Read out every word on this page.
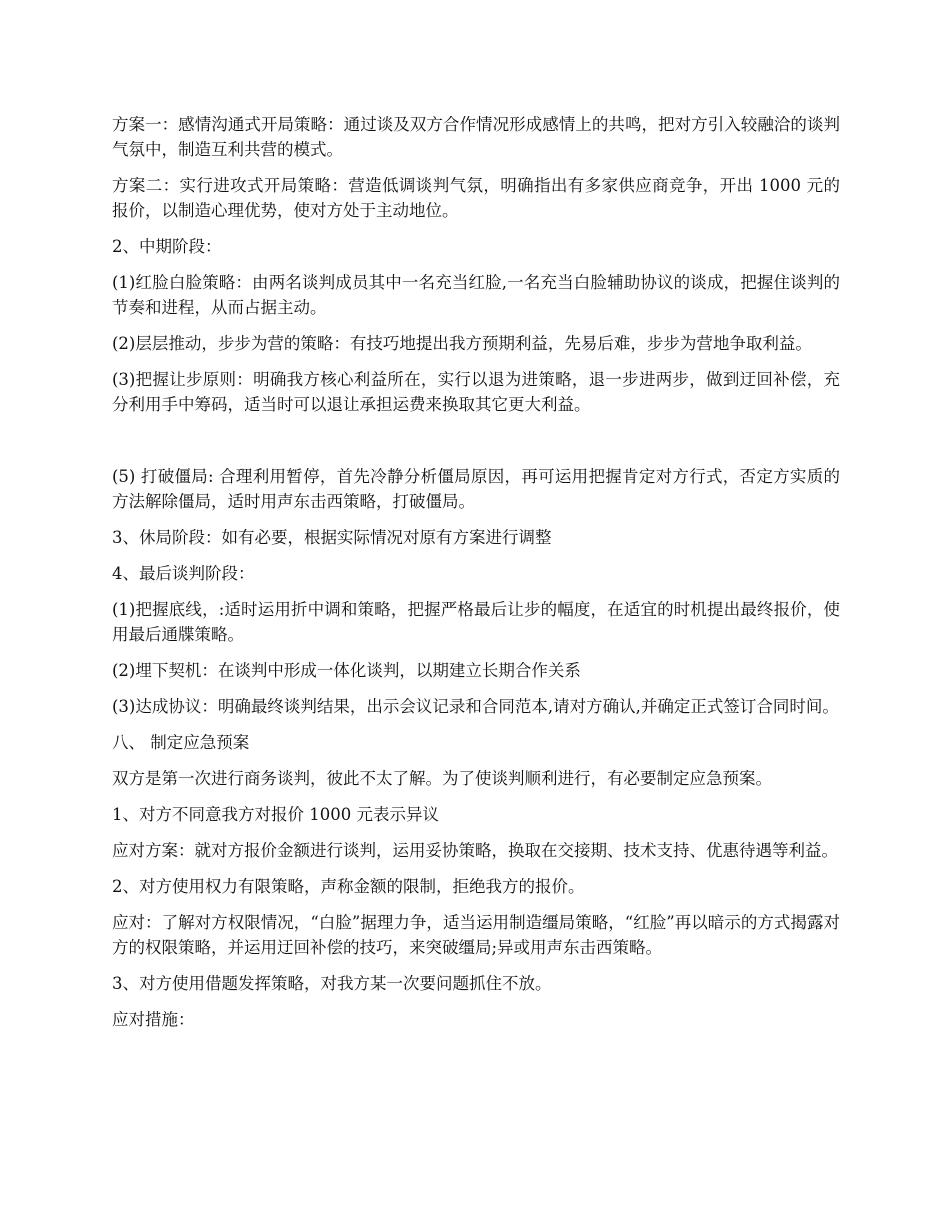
方案一：感情沟通式开局策略：通过谈及双方合作情况形成感情上的共鸣，把对方引入较融洽的谈判气氛中，制造互利共营的模式。

方案二：实行进攻式开局策略：营造低调谈判气氛，明确指出有多家供应商竞争，开出 1000 元的报价，以制造心理优势，使对方处于主动地位。

2、中期阶段：

(1)红脸白脸策略：由两名谈判成员其中一名充当红脸,一名充当白脸辅助协议的谈成，把握住谈判的节奏和进程，从而占据主动。

(2)层层推动，步步为营的策略：有技巧地提出我方预期利益，先易后难，步步为营地争取利益。

(3)把握让步原则：明确我方核心利益所在，实行以退为进策略，退一步进两步，做到迂回补偿，充分利用手中筹码，适当时可以退让承担运费来换取其它更大利益。

(5) 打破僵局: 合理利用暂停，首先冷静分析僵局原因，再可运用把握肯定对方行式，否定方实质的方法解除僵局，适时用声东击西策略，打破僵局。

3、休局阶段：如有必要，根据实际情况对原有方案进行调整

4、最后谈判阶段：

(1)把握底线，:适时运用折中调和策略，把握严格最后让步的幅度，在适宜的时机提出最终报价，使用最后通牒策略。

(2)埋下契机：在谈判中形成一体化谈判，以期建立长期合作关系

(3)达成协议：明确最终谈判结果，出示会议记录和合同范本,请对方确认,并确定正式签订合同时间。

八、 制定应急预案

双方是第一次进行商务谈判，彼此不太了解。为了使谈判顺利进行，有必要制定应急预案。

1、对方不同意我方对报价 1000 元表示异议

应对方案：就对方报价金额进行谈判，运用妥协策略，换取在交接期、技术支持、优惠待遇等利益。

2、对方使用权力有限策略，声称金额的限制，拒绝我方的报价。

应对：了解对方权限情况，“白脸”据理力争，适当运用制造缰局策略，“红脸”再以暗示的方式揭露对方的权限策略，并运用迂回补偿的技巧，来突破缰局;异或用声东击西策略。

3、对方使用借题发挥策略，对我方某一次要问题抓住不放。

应对措施：
